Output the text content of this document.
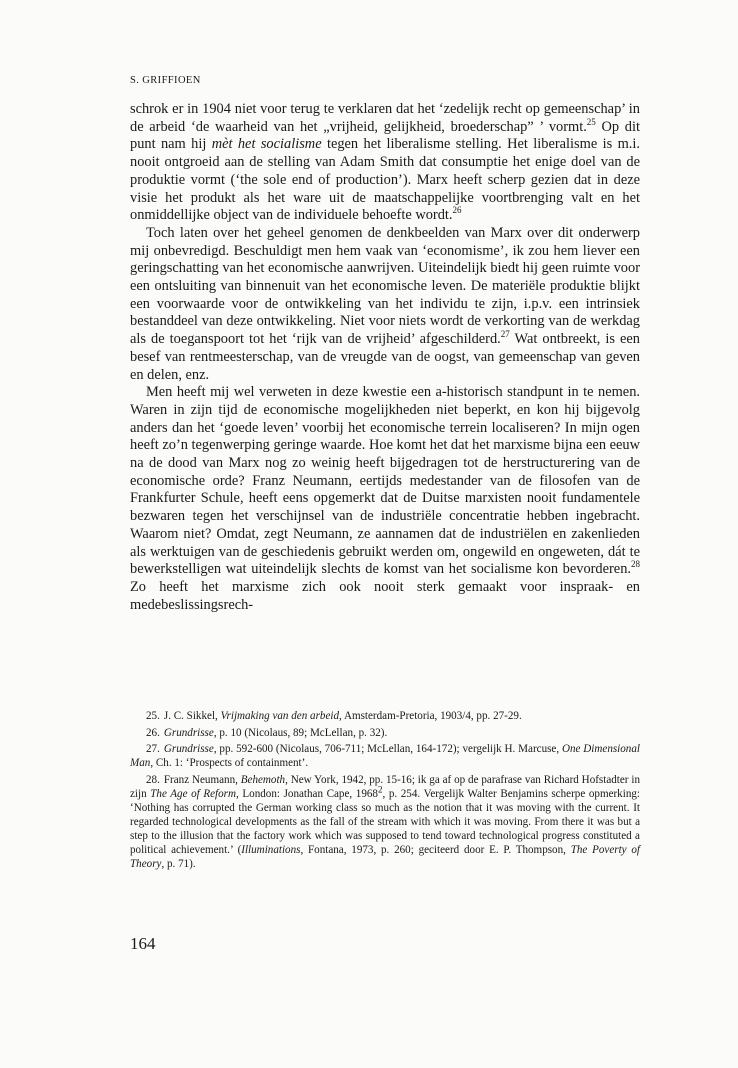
S. GRIFFIOEN

schrok er in 1904 niet voor terug te verklaren dat het ‘zedelijk recht op gemeenschap’ in de arbeid ‘de waarheid van het „vrijheid, gelijkheid, broederschap” ’ vormt.$^{25}$ Op dit punt nam hij mèt het socialisme tegen het liberalisme stelling. Het liberalisme is m.i. nooit ontgroeid aan de stelling van Adam Smith dat consumptie het enige doel van de produktie vormt (‘the sole end of production’). Marx heeft scherp gezien dat in deze visie het produkt als het ware uit de maatschappelijke voortbrenging valt en het onmiddellijke object van de individuele behoefte wordt.$^{26}$

Toch laten over het geheel genomen de denkbeelden van Marx over dit onderwerp mij onbevredigd. Beschuldigt men hem vaak van ‘economisme’, ik zou hem liever een geringschatting van het economische aanwrijven. Uiteindelijk biedt hij geen ruimte voor een ontsluiting van binnenuit van het economische leven. De materiële produktie blijkt een voorwaarde voor de ontwikkeling van het individu te zijn, i.p.v. een intrinsiek bestanddeel van deze ontwikkeling. Niet voor niets wordt de verkorting van de werkdag als de toeganspoort tot het ‘rijk van de vrijheid’ afgeschilderd.$^{27}$ Wat ontbreekt, is een besef van rentmeesterschap, van de vreugde van de oogst, van gemeenschap van geven en delen, enz.

Men heeft mij wel verweten in deze kwestie een a-historisch standpunt in te nemen. Waren in zijn tijd de economische mogelijkheden niet beperkt, en kon hij bijgevolg anders dan het ‘goede leven’ voorbij het economische terrein localiseren? In mijn ogen heeft zo’n tegenwerping geringe waarde. Hoe komt het dat het marxisme bijna een eeuw na de dood van Marx nog zo weinig heeft bijgedragen tot de herstructurering van de economische orde? Franz Neumann, eertijds medestander van de filosofen van de Frankfurter Schule, heeft eens opgemerkt dat de Duitse marxisten nooit fundamentele bezwaren tegen het verschijnsel van de industriële concentratie hebben ingebracht. Waarom niet? Omdat, zegt Neumann, ze aannamen dat de industriëlen en zakenlieden als werktuigen van de geschiedenis gebruikt werden om, ongewild en ongeweten, dát te bewerkstelligen wat uiteindelijk slechts de komst van het socialisme kon bevorderen.$^{28}$ Zo heeft het marxisme zich ook nooit sterk gemaakt voor inspraak- en medebeslissingsrech-

25. J. C. Sikkel, Vrijmaking van den arbeid, Amsterdam-Pretoria, 1903/4, pp. 27-29.

26. Grundrisse, p. 10 (Nicolaus, 89; McLellan, p. 32).

27. Grundrisse, pp. 592-600 (Nicolaus, 706-711; McLellan, 164-172); vergelijk H. Marcuse, One Dimensional Man, Ch. 1: ‘Prospects of containment’.

28. Franz Neumann, Behemoth, New York, 1942, pp. 15-16; ik ga af op de parafrase van Richard Hofstadter in zijn The Age of Reform, London: Jonathan Cape, 1968$^2$, p. 254. Vergelijk Walter Benjamins scherpe opmerking: ‘Nothing has corrupted the German working class so much as the notion that it was moving with the current. It regarded technological developments as the fall of the stream with which it was moving. From there it was but a step to the illusion that the factory work which was supposed to tend toward technological progress constituted a political achievement.’ (Illuminations, Fontana, 1973, p. 260; geciteerd door E. P. Thompson, The Poverty of Theory, p. 71).

164
